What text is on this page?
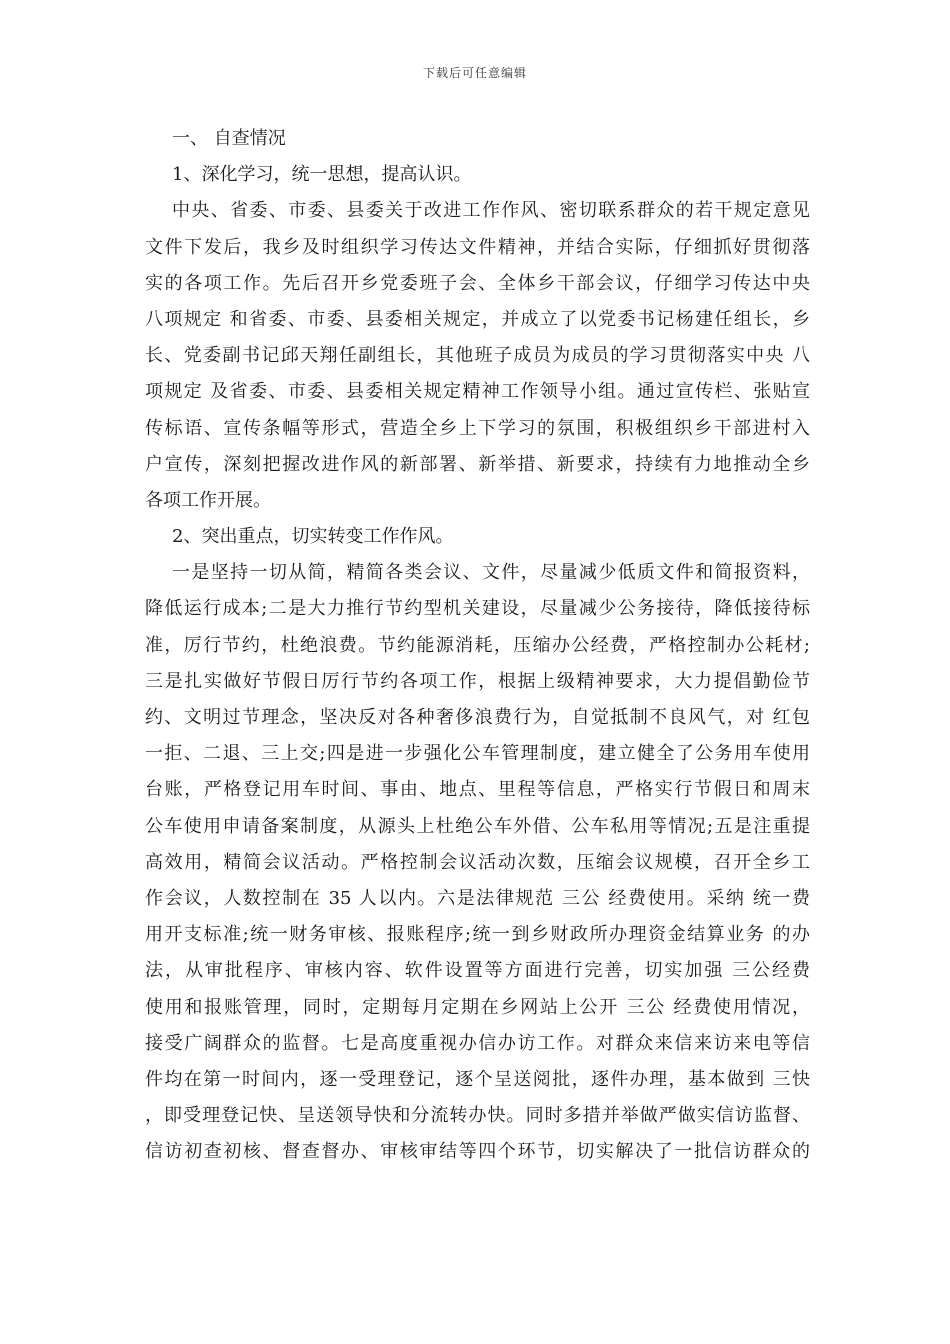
下载后可任意编辑
一、 自查情况
1、深化学习，统一思想，提高认识。
中央、省委、市委、县委关于改进工作作风、密切联系群众的若干规定意见
文件下发后，我乡及时组织学习传达文件精神，并结合实际，仔细抓好贯彻落
实的各项工作。先后召开乡党委班子会、全体乡干部会议，仔细学习传达中央
八项规定 和省委、市委、县委相关规定，并成立了以党委书记杨建任组长，乡
长、党委副书记邱天翔任副组长，其他班子成员为成员的学习贯彻落实中央 八
项规定 及省委、市委、县委相关规定精神工作领导小组。通过宣传栏、张贴宣
传标语、宣传条幅等形式，营造全乡上下学习的氛围，积极组织乡干部进村入
户宣传，深刻把握改进作风的新部署、新举措、新要求，持续有力地推动全乡
各项工作开展。
2、突出重点，切实转变工作作风。
一是坚持一切从简，精简各类会议、文件，尽量减少低质文件和简报资料，
降低运行成本;二是大力推行节约型机关建设，尽量减少公务接待，降低接待标
准，厉行节约，杜绝浪费。节约能源消耗，压缩办公经费，严格控制办公耗材;
三是扎实做好节假日厉行节约各项工作，根据上级精神要求，大力提倡勤俭节
约、文明过节理念，坚决反对各种奢侈浪费行为，自觉抵制不良风气，对 红包
一拒、二退、三上交;四是进一步强化公车管理制度，建立健全了公务用车使用
台账，严格登记用车时间、事由、地点、里程等信息，严格实行节假日和周末
公车使用申请备案制度，从源头上杜绝公车外借、公车私用等情况;五是注重提
高效用，精简会议活动。严格控制会议活动次数，压缩会议规模，召开全乡工
作会议，人数控制在 35 人以内。六是法律规范 三公 经费使用。采纳 统一费
用开支标准;统一财务审核、报账程序;统一到乡财政所办理资金结算业务 的办
法，从审批程序、审核内容、软件设置等方面进行完善，切实加强 三公经费
使用和报账管理，同时，定期每月定期在乡网站上公开 三公 经费使用情况，
接受广阔群众的监督。七是高度重视办信办访工作。对群众来信来访来电等信
件均在第一时间内，逐一受理登记，逐个呈送阅批，逐件办理，基本做到 三快
，即受理登记快、呈送领导快和分流转办快。同时多措并举做严做实信访监督、
信访初查初核、督查督办、审核审结等四个环节，切实解决了一批信访群众的
